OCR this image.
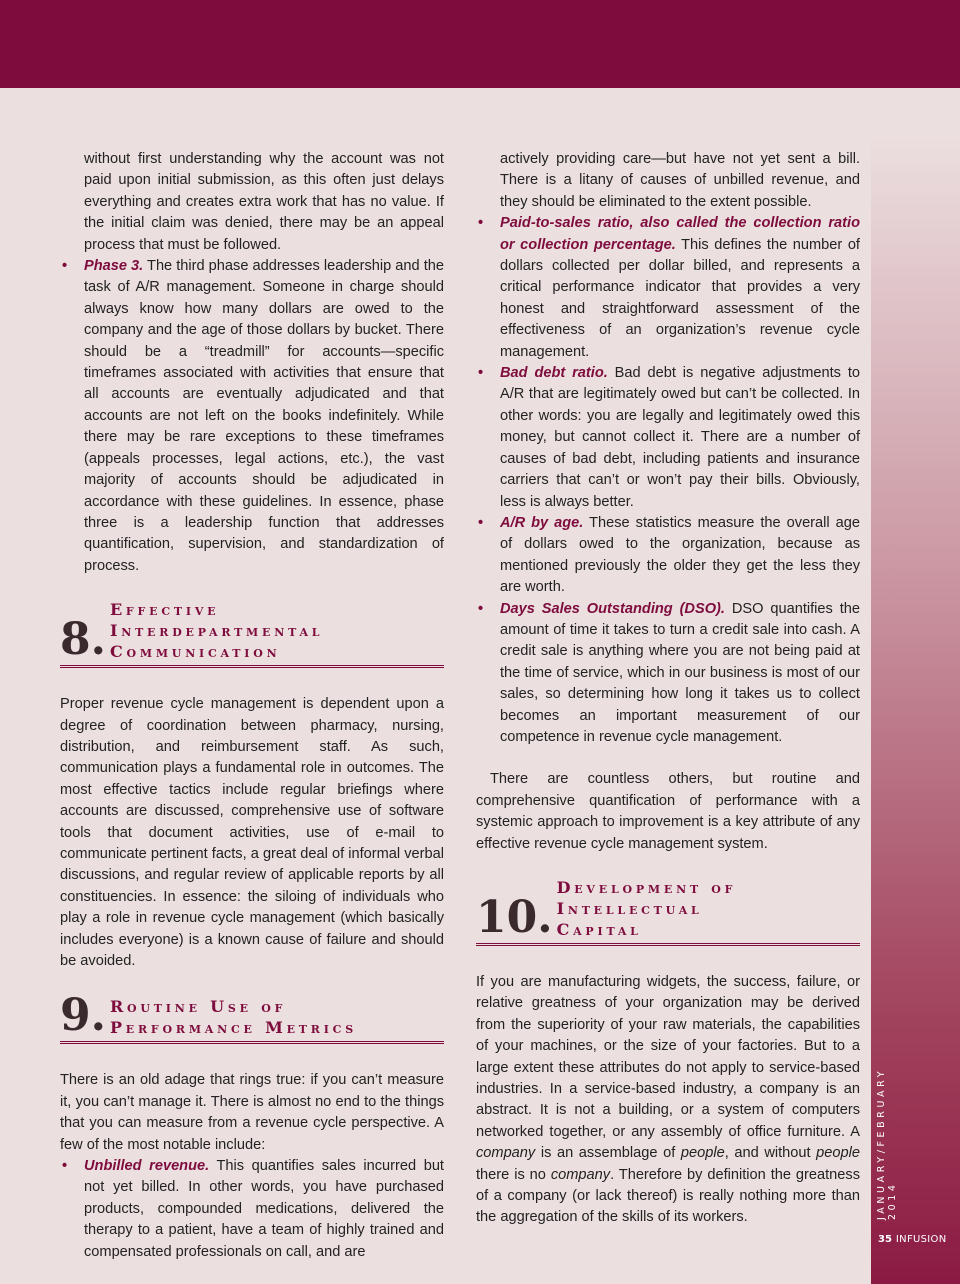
JANUARY/FEBRUARY 2014
35 INFUSION

without first understanding why the account was not paid upon initial submission, as this often just delays everything and creates extra work that has no value. If the initial claim was denied, there may be an appeal process that must be followed.

• Phase 3. The third phase addresses leadership and the task of A/R management. Someone in charge should always know how many dollars are owed to the company and the age of those dollars by bucket. There should be a “treadmill” for accounts—specific timeframes associated with activities that ensure that all accounts are eventually adjudicated and that accounts are not left on the books indefinitely. While there may be rare exceptions to these timeframes (appeals processes, legal actions, etc.), the vast majority of accounts should be adjudicated in accordance with these guidelines. In essence, phase three is a leadership function that addresses quantification, supervision, and standardization of process.
8.
Effective
Interdepartmental
Communication

Proper revenue cycle management is dependent upon a degree of coordination between pharmacy, nursing, distribution, and reimbursement staff. As such, communication plays a fundamental role in outcomes. The most effective tactics include regular briefings where accounts are discussed, comprehensive use of software tools that document activities, use of e-mail to communicate pertinent facts, a great deal of informal verbal discussions, and regular review of applicable reports by all constituencies. In essence: the siloing of individuals who play a role in revenue cycle management (which basically includes everyone) is a known cause of failure and should be avoided.

9. Routine Use of
Performance Metrics

There is an old adage that rings true: if you can’t measure it, you can’t manage it. There is almost no end to the things that you can measure from a revenue cycle perspective. A few of the most notable include:

• Unbilled revenue. This quantifies sales incurred but not yet billed. In other words, you have purchased products, compounded medications, delivered the therapy to a patient, have a team of highly trained and compensated professionals on call, and are

actively providing care—but have not yet sent a bill. There is a litany of causes of unbilled revenue, and they should be eliminated to the extent possible.

• Paid-to-sales ratio, also called the collection ratio or collection percentage. This defines the number of dollars collected per dollar billed, and represents a critical performance indicator that provides a very honest and straightforward assessment of the effectiveness of an organization’s revenue cycle management.
• Bad debt ratio. Bad debt is negative adjustments to A/R that are legitimately owed but can’t be collected. In other words: you are legally and legitimately owed this money, but cannot collect it. There are a number of causes of bad debt, including patients and insurance carriers that can’t or won’t pay their bills. Obviously, less is always better.
• A/R by age. These statistics measure the overall age of dollars owed to the organization, because as mentioned previously the older they get the less they are worth.
• Days Sales Outstanding (DSO). DSO quantifies the amount of time it takes to turn a credit sale into cash. A credit sale is anything where you are not being paid at the time of service, which in our business is most of our sales, so determining how long it takes us to collect becomes an important measurement of our competence in revenue cycle management.

There are countless others, but routine and comprehensive quantification of performance with a systemic approach to improvement is a key attribute of any effective revenue cycle management system.

10.
Development of
Intellectual
Capital

If you are manufacturing widgets, the success, failure, or relative greatness of your organization may be derived from the superiority of your raw materials, the capabilities of your machines, or the size of your factories. But to a large extent these attributes do not apply to service-based industries. In a service-based industry, a company is an abstract. It is not a building, or a system of computers networked together, or any assembly of office furniture. A company is an assemblage of people, and without people there is no company. Therefore by definition the greatness of a company (or lack thereof) is really nothing more than the aggregation of the skills of its workers.
